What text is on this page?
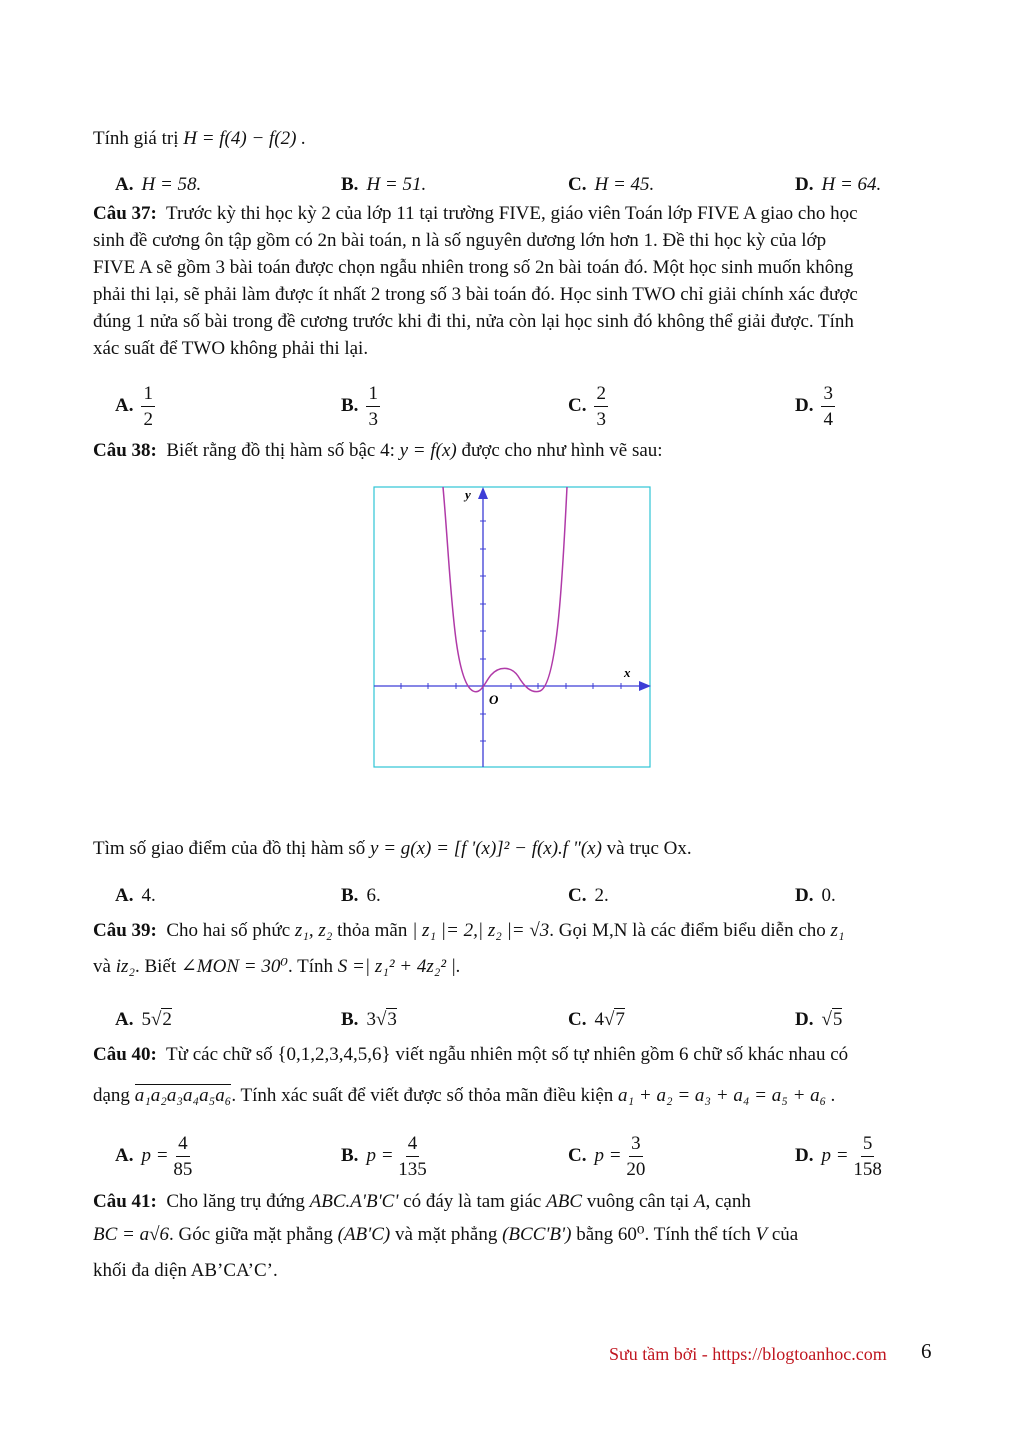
Tính giá trị H = f(4) − f(2) .
A. H = 58.	B. H = 51.	C. H = 45.	D. H = 64.
Câu 37: Trước kỳ thi học kỳ 2 của lớp 11 tại trường FIVE, giáo viên Toán lớp FIVE A giao cho học
sinh đề cương ôn tập gồm có 2n bài toán, n là số nguyên dương lớn hơn 1. Đề thi học kỳ của lớp
FIVE A sẽ gồm 3 bài toán được chọn ngẫu nhiên trong số 2n bài toán đó. Một học sinh muốn không
phải thi lại, sẽ phải làm được ít nhất 2 trong số 3 bài toán đó. Học sinh TWO chỉ giải chính xác được
đúng 1 nửa số bài trong đề cương trước khi đi thi, nửa còn lại học sinh đó không thể giải được. Tính
xác suất để TWO không phải thi lại.
A. $\frac{1}{2}$	B. $\frac{1}{3}$	C. $\frac{2}{3}$	D. $\frac{3}{4}$
Câu 38: Biết rằng đồ thị hàm số bậc 4: y = f(x) được cho như hình vẽ sau:
y
x
O
Tìm số giao điểm của đồ thị hàm số y = g(x) = [f '(x)]² − f(x).f "(x) và trục Ox.
A. 4.	B. 6.	C. 2.	D. 0.
Câu 39: Cho hai số phức z₁, z₂ thỏa mãn | z₁ |= 2,| z₂ |= √3. Gọi M,N là các điểm biểu diễn cho z₁
và iz₂. Biết ∠MON = 30⁰. Tính S =| z₁² + 4z₂² |.
A. 5√2	B. 3√3	C. 4√7	D. √5
Câu 40: Từ các chữ số {0,1,2,3,4,5,6} viết ngẫu nhiên một số tự nhiên gồm 6 chữ số khác nhau có
dạng a₁a₂a₃a₄a₅a₆. Tính xác suất để viết được số thỏa mãn điều kiện a₁ + a₂ = a₃ + a₄ = a₅ + a₆ .
A. $p = \frac{4}{85}$	B. $p = \frac{4}{135}$	C. $p = \frac{3}{20}$	D. $p = \frac{5}{158}$
Câu 41: Cho lăng trụ đứng ABC.A'B'C' có đáy là tam giác ABC vuông cân tại A, cạnh
BC = a√6. Góc giữa mặt phẳng (AB'C) và mặt phẳng (BCC'B') bằng 60⁰. Tính thể tích V của
khối đa diện AB’CA’C’.
Sưu tầm bởi - https://blogtoanhoc.com 6
